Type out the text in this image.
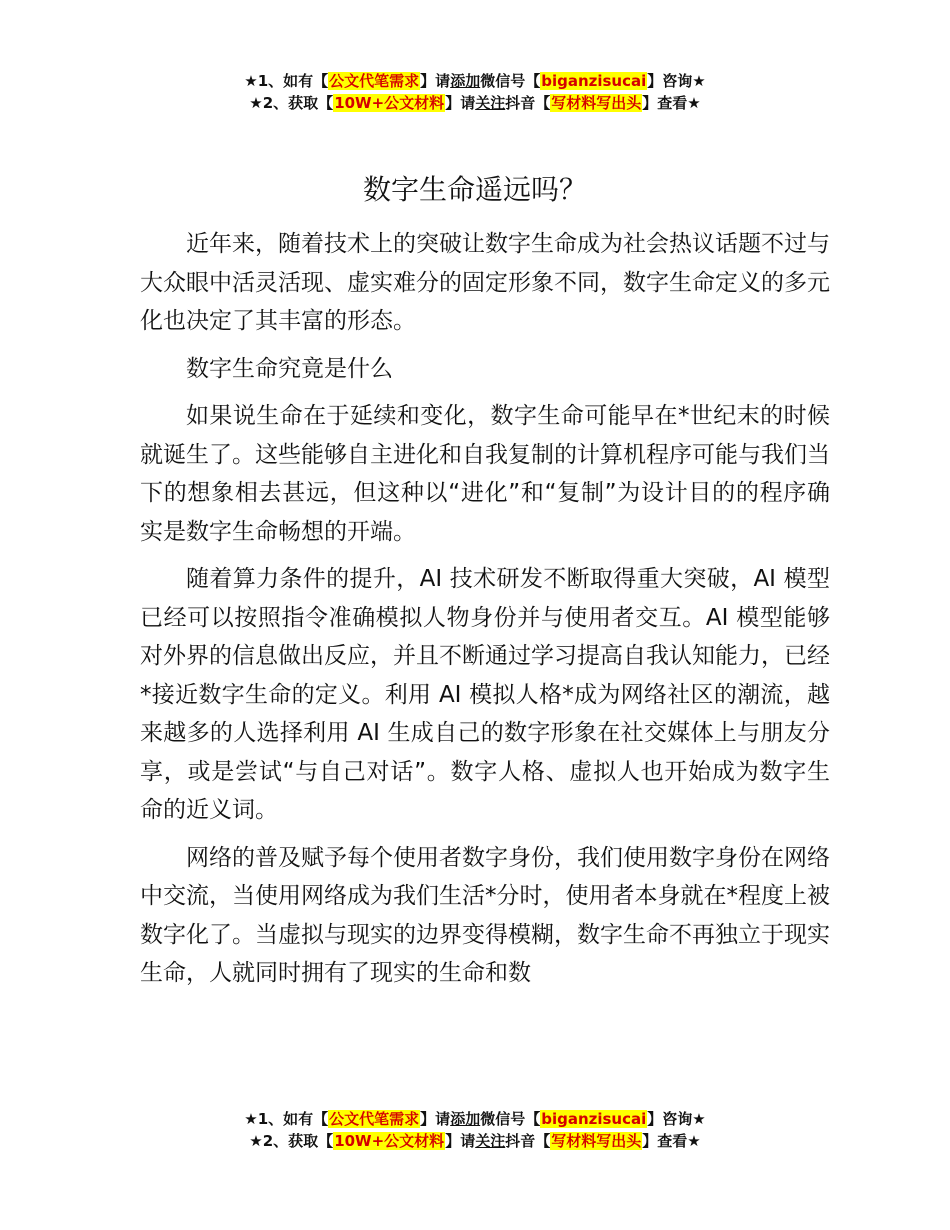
★1、如有【公文代笔需求】请添加微信号【biganzisucai】咨询★
★2、获取【10W+公文材料】请关注抖音【写材料写出头】查看★
数字生命遥远吗？

近年来，随着技术上的突破让数字生命成为社会热议话题不过与大众眼中活灵活现、虚实难分的固定形象不同，数字生命定义的多元化也决定了其丰富的形态。

数字生命究竟是什么

如果说生命在于延续和变化，数字生命可能早在*世纪末的时候就诞生了。这些能够自主进化和自我复制的计算机程序可能与我们当下的想象相去甚远，但这种以“进化”和“复制”为设计目的的程序确实是数字生命畅想的开端。

随着算力条件的提升，AI 技术研发不断取得重大突破，AI 模型已经可以按照指令准确模拟人物身份并与使用者交互。AI 模型能够对外界的信息做出反应，并且不断通过学习提高自我认知能力，已经*接近数字生命的定义。利用 AI 模拟人格*成为网络社区的潮流，越来越多的人选择利用 AI 生成自己的数字形象在社交媒体上与朋友分享，或是尝试“与自己对话”。数字人格、虚拟人也开始成为数字生命的近义词。

网络的普及赋予每个使用者数字身份，我们使用数字身份在网络中交流，当使用网络成为我们生活*分时，使用者本身就在*程度上被数字化了。当虚拟与现实的边界变得模糊，数字生命不再独立于现实生命，人就同时拥有了现实的生命和数

★1、如有【公文代笔需求】请添加微信号【biganzisucai】咨询★
★2、获取【10W+公文材料】请关注抖音【写材料写出头】查看★
